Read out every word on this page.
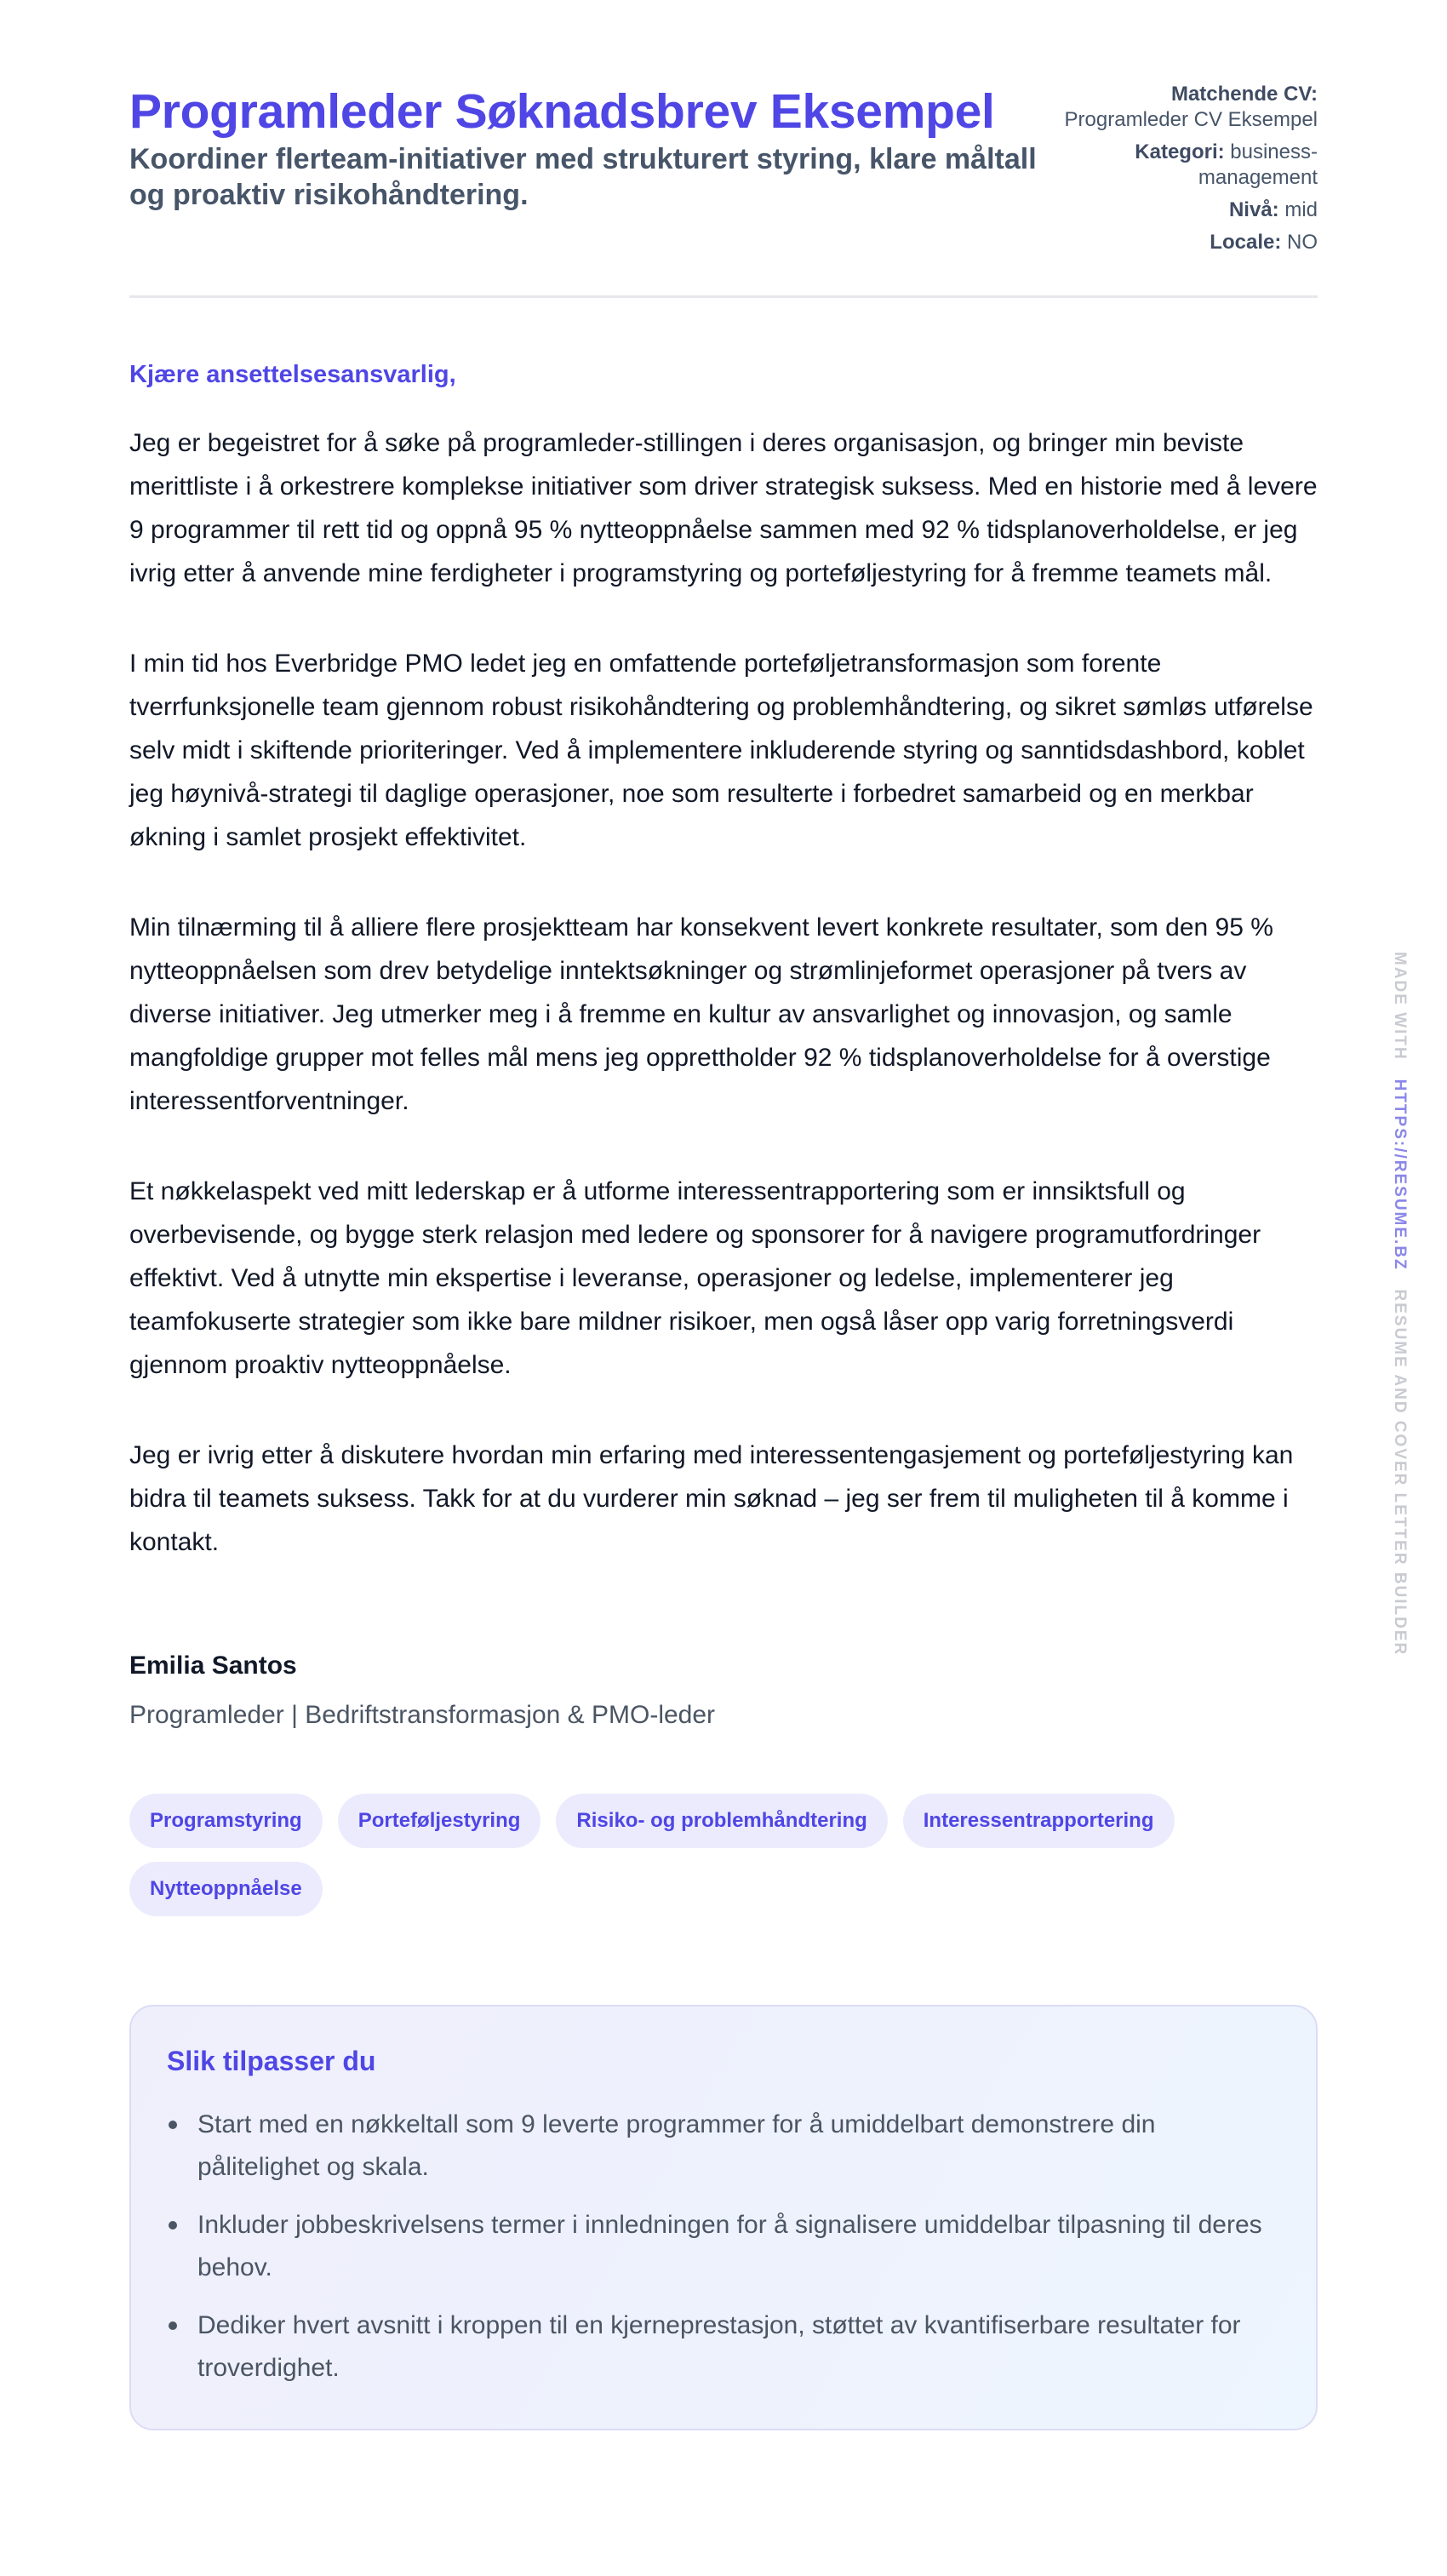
Programleder Søknadsbrev Eksempel
Koordiner flerteam-initiativer med strukturert styring, klare måltall og proaktiv risikohåndtering.
Matchende CV:
Programleder CV Eksempel
Kategori: business-management
Nivå: mid
Locale: NO

Kjære ansettelsesansvarlig,

Jeg er begeistret for å søke på programleder-stillingen i deres organisasjon, og bringer min beviste merittliste i å orkestrere komplekse initiativer som driver strategisk suksess. Med en historie med å levere 9 programmer til rett tid og oppnå 95 % nytteoppnåelse sammen med 92 % tidsplanoverholdelse, er jeg ivrig etter å anvende mine ferdigheter i programstyring og porteføljestyring for å fremme teamets mål.

I min tid hos Everbridge PMO ledet jeg en omfattende porteføljetransformasjon som forente tverrfunksjonelle team gjennom robust risikohåndtering og problemhåndtering, og sikret sømløs utførelse selv midt i skiftende prioriteringer. Ved å implementere inkluderende styring og sanntidsdashbord, koblet jeg høynivå-strategi til daglige operasjoner, noe som resulterte i forbedret samarbeid og en merkbar økning i samlet prosjekt effektivitet.

Min tilnærming til å alliere flere prosjektteam har konsekvent levert konkrete resultater, som den 95 % nytteoppnåelsen som drev betydelige inntektsøkninger og strømlinjeformet operasjoner på tvers av diverse initiativer. Jeg utmerker meg i å fremme en kultur av ansvarlighet og innovasjon, og samle mangfoldige grupper mot felles mål mens jeg opprettholder 92 % tidsplanoverholdelse for å overstige interessentforventninger.

Et nøkkelaspekt ved mitt lederskap er å utforme interessentrapportering som er innsiktsfull og overbevisende, og bygge sterk relasjon med ledere og sponsorer for å navigere programutfordringer effektivt. Ved å utnytte min ekspertise i leveranse, operasjoner og ledelse, implementerer jeg teamfokuserte strategier som ikke bare mildner risikoer, men også låser opp varig forretningsverdi gjennom proaktiv nytteoppnåelse.

Jeg er ivrig etter å diskutere hvordan min erfaring med interessentengasjement og porteføljestyring kan bidra til teamets suksess. Takk for at du vurderer min søknad – jeg ser frem til muligheten til å komme i kontakt.

Emilia Santos
Programleder | Bedriftstransformasjon & PMO-leder
Programstyring	Porteføljestyring	Risiko- og problemhåndtering	Interessentrapportering
Nytteoppnåelse
Slik tilpasser du
Start med en nøkkeltall som 9 leverte programmer for å umiddelbart demonstrere din pålitelighet og skala.
Inkluder jobbeskrivelsens termer i innledningen for å signalisere umiddelbar tilpasning til deres behov.
Dediker hvert avsnitt i kroppen til en kjerneprestasjon, støttet av kvantifiserbare resultater for troverdighet.
MADE WITH   HTTPS://RESUME.BZ   RESUME AND COVER LETTER BUILDER
